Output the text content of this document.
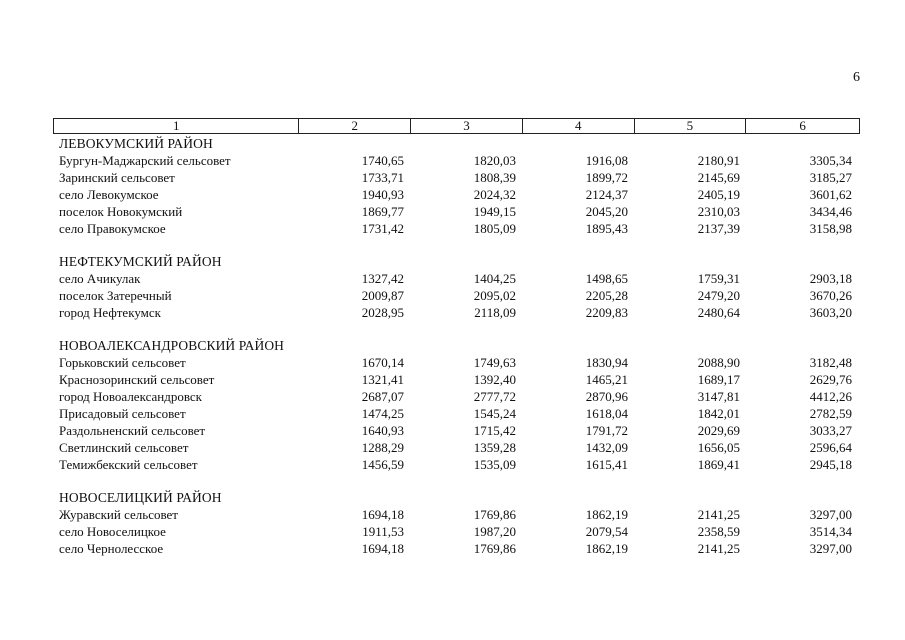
6
1	2	3	4	5	6
ЛЕВОКУМСКИЙ РАЙОН
Бургун-Маджарский сельсовет	1740,65	1820,03	1916,08	2180,91	3305,34
Заринский сельсовет	1733,71	1808,39	1899,72	2145,69	3185,27
село Левокумское	1940,93	2024,32	2124,37	2405,19	3601,62
поселок Новокумский	1869,77	1949,15	2045,20	2310,03	3434,46
село Правокумское	1731,42	1805,09	1895,43	2137,39	3158,98
НЕФТЕКУМСКИЙ РАЙОН
село Ачикулак	1327,42	1404,25	1498,65	1759,31	2903,18
поселок Затеречный	2009,87	2095,02	2205,28	2479,20	3670,26
город Нефтекумск	2028,95	2118,09	2209,83	2480,64	3603,20
НОВОАЛЕКСАНДРОВСКИЙ РАЙОН
Горьковский сельсовет	1670,14	1749,63	1830,94	2088,90	3182,48
Краснозоринский сельсовет	1321,41	1392,40	1465,21	1689,17	2629,76
город Новоалександровск	2687,07	2777,72	2870,96	3147,81	4412,26
Присадовый сельсовет	1474,25	1545,24	1618,04	1842,01	2782,59
Раздольненский сельсовет	1640,93	1715,42	1791,72	2029,69	3033,27
Светлинский сельсовет	1288,29	1359,28	1432,09	1656,05	2596,64
Темижбекский сельсовет	1456,59	1535,09	1615,41	1869,41	2945,18
НОВОСЕЛИЦКИЙ РАЙОН
Журавский сельсовет	1694,18	1769,86	1862,19	2141,25	3297,00
село Новоселицкое	1911,53	1987,20	2079,54	2358,59	3514,34
село Чернолесское	1694,18	1769,86	1862,19	2141,25	3297,00
